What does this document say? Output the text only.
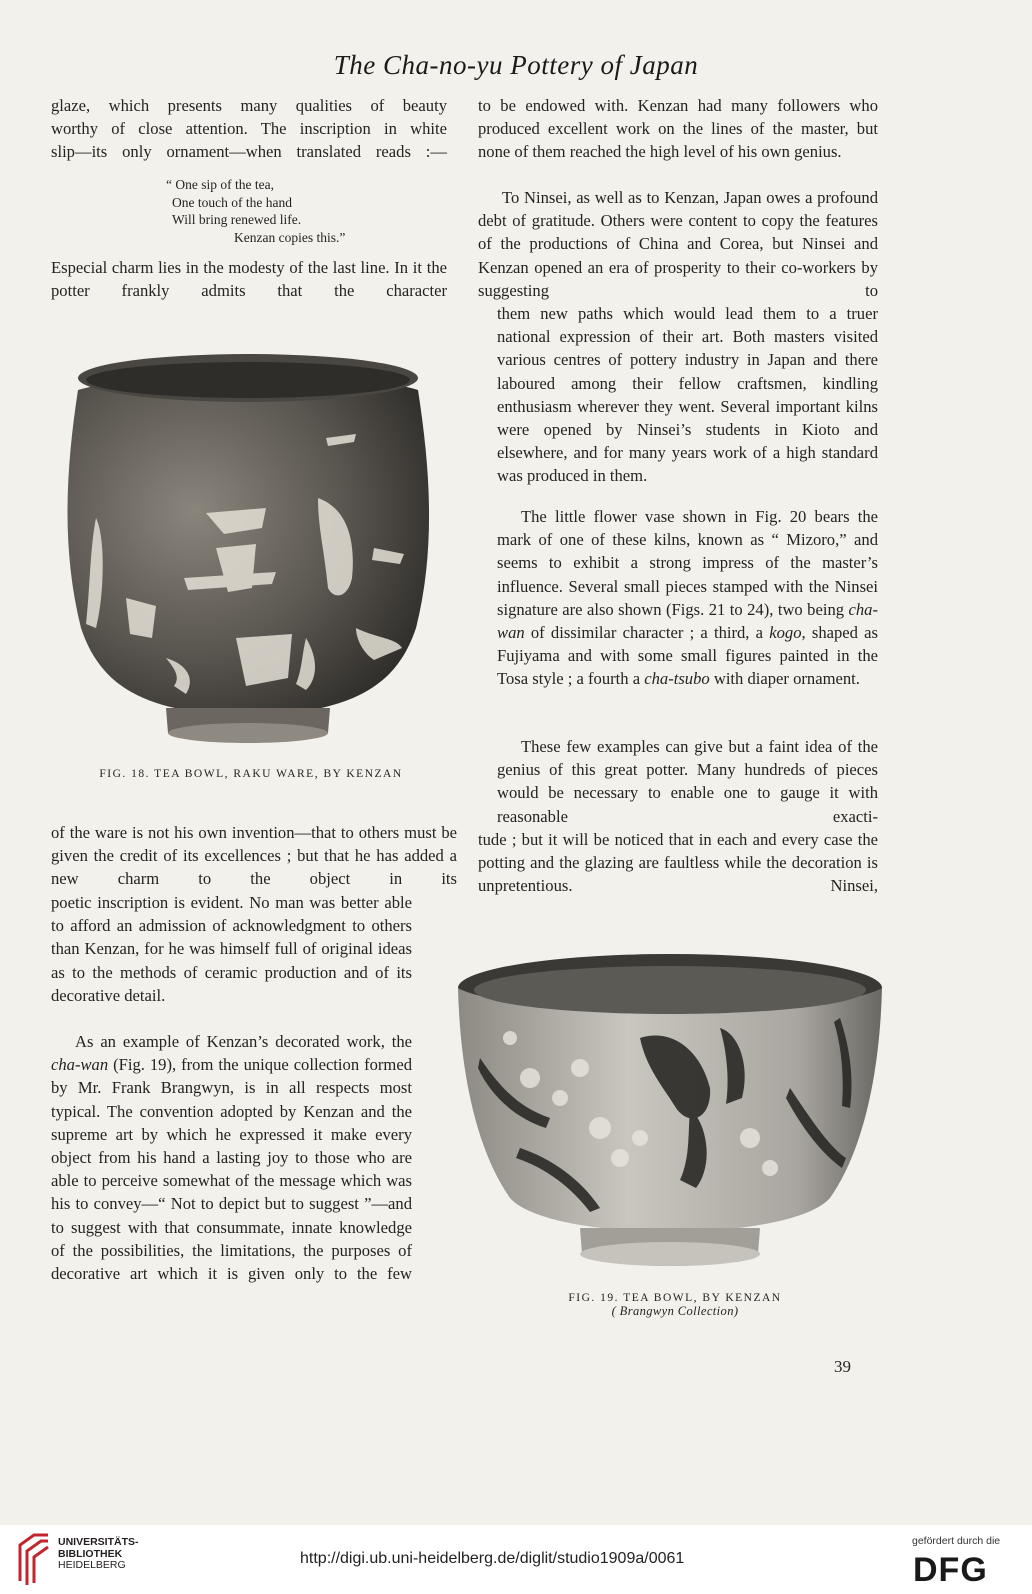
The Cha-no-yu Pottery of Japan

glaze, which presents many qualities of beauty

worthy of close attention. The inscription in white

slip—its only ornament—when translated reads :—

“ One sip of the tea,
One touch of the hand
Will bring renewed life.
Kenzan copies this.”

Especial charm lies in the modesty of the last line. In it the potter frankly admits that the character

FIG. 18. TEA BOWL, RAKU WARE, BY KENZAN

of the ware is not his own invention—that to others must be given the credit of its excellences ; but that he has added a new charm to the object in its

poetic inscription is evident. No man was better able to afford an admission of acknowledgment to others than Kenzan, for he was himself full of original ideas as to the methods of ceramic production and of its decorative detail.

As an example of Kenzan’s decorated work, the cha-wan (Fig. 19), from the unique collection formed by Mr. Frank Brangwyn, is in all respects most typical. The convention adopted by Kenzan and the supreme art by which he expressed it make every object from his hand a lasting joy to those who are able to perceive somewhat of the message which was his to convey—“ Not to depict but to suggest ”—and to suggest with that consummate, innate knowledge of the possibilities, the limitations, the purposes of decorative art which it is given only to the few

to be endowed with. Kenzan had many followers who produced excellent work on the lines of the master, but none of them reached the high level of his own genius.

To Ninsei, as well as to Kenzan, Japan owes a profound debt of gratitude. Others were content to copy the features of the productions of China and Corea, but Ninsei and Kenzan opened an era of prosperity to their co-workers by suggesting to

them new paths which would lead them to a truer national expression of their art. Both masters visited various centres of pottery industry in Japan and there laboured among their fellow craftsmen, kindling enthusiasm wherever they went. Several important kilns were opened by Ninsei’s students in Kioto and elsewhere, and for many years work of a high standard was produced in them.

The little flower vase shown in Fig. 20 bears the mark of one of these kilns, known as “ Mizoro,” and seems to exhibit a strong impress of the master’s influence. Several small pieces stamped with the Ninsei signature are also shown (Figs. 21 to 24), two being cha-wan of dissimilar character ; a third, a kogo, shaped as Fujiyama and with some small figures painted in the Tosa style ; a fourth a cha-tsubo with diaper ornament.

These few examples can give but a faint idea of the genius of this great potter. Many hundreds of pieces would be necessary to enable one to gauge it with reasonable exacti-

tude ; but it will be noticed that in each and every case the potting and the glazing are faultless while the decoration is unpretentious. Ninsei,

FIG. 19. TEA BOWL, BY KENZAN
( Brangwyn Collection)
39
UNIVERSITÄTS-
BIBLIOTHEK
HEIDELBERG	http://digi.ub.uni-heidelberg.de/diglit/studio1909a/0061
gefördert durch die
DFG
